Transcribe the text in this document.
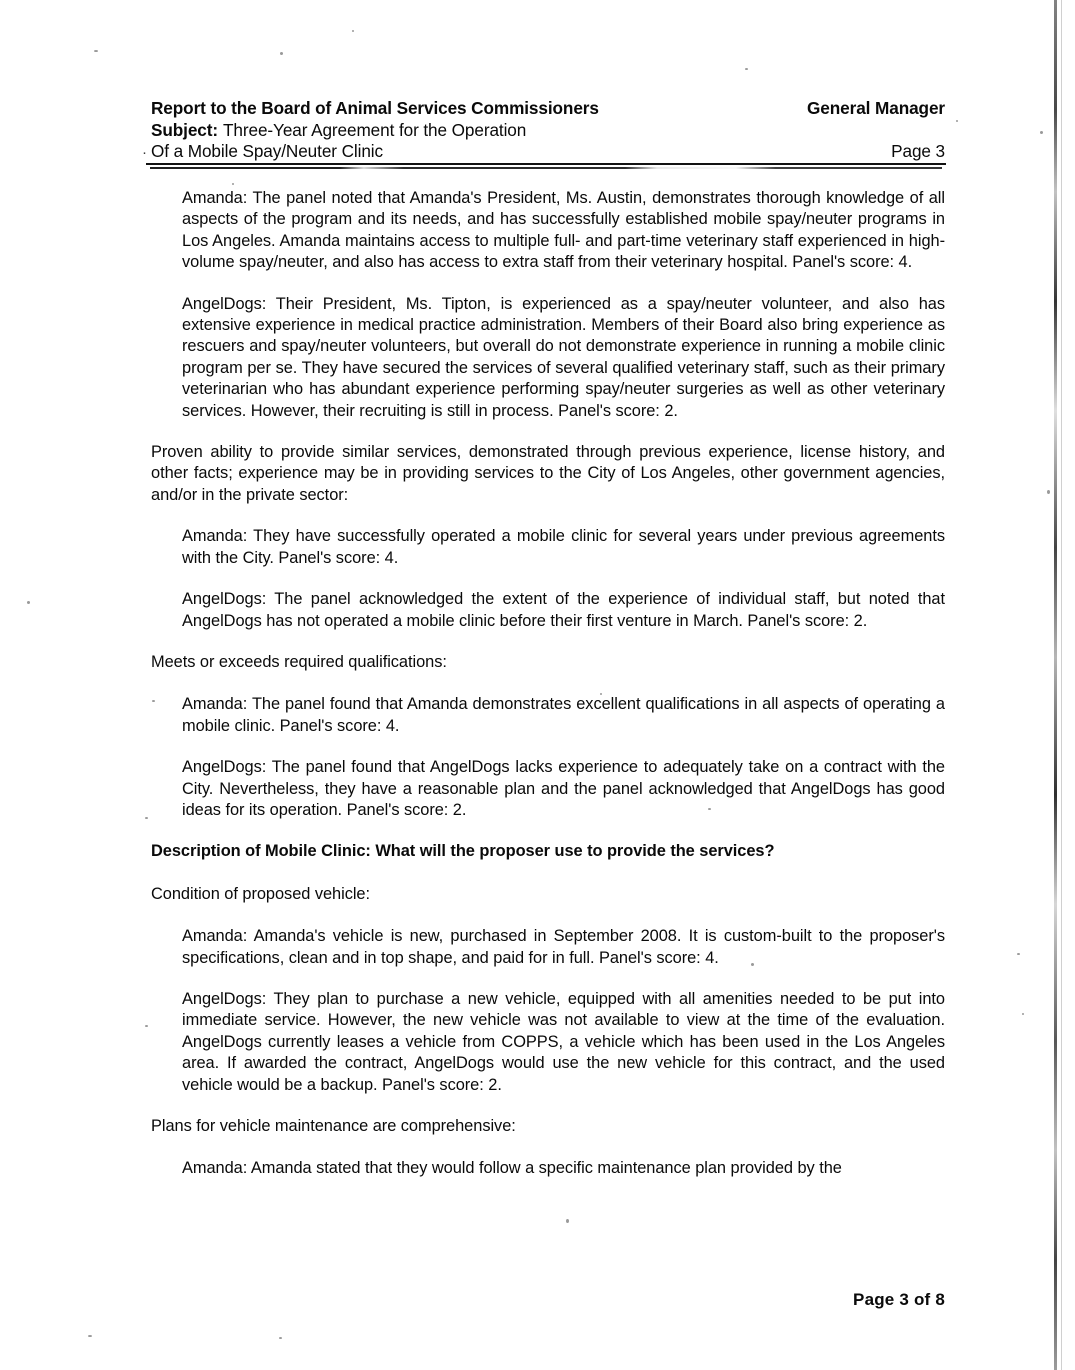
·
Report to the Board of Animal Services Commissioners	General Manager
Subject: Three-Year Agreement for the Operation
Of a Mobile Spay/Neuter Clinic	Page 3

Amanda: The panel noted that Amanda's President, Ms. Austin, demonstrates thorough knowledge of all aspects of the program and its needs, and has successfully established mobile spay/neuter programs in Los Angeles. Amanda maintains access to multiple full- and part-time veterinary staff experienced in high-volume spay/neuter, and also has access to extra staff from their veterinary hospital. Panel's score: 4.

AngelDogs: Their President, Ms. Tipton, is experienced as a spay/neuter volunteer, and also has extensive experience in medical practice administration. Members of their Board also bring experience as rescuers and spay/neuter volunteers, but overall do not demonstrate experience in running a mobile clinic program per se. They have secured the services of several qualified veterinary staff, such as their primary veterinarian who has abundant experience performing spay/neuter surgeries as well as other veterinary services. However, their recruiting is still in process. Panel's score: 2.

Proven ability to provide similar services, demonstrated through previous experience, license history, and other facts; experience may be in providing services to the City of Los Angeles, other government agencies, and/or in the private sector:

Amanda: They have successfully operated a mobile clinic for several years under previous agreements with the City. Panel's score: 4.

AngelDogs: The panel acknowledged the extent of the experience of individual staff, but noted that AngelDogs has not operated a mobile clinic before their first venture in March. Panel's score: 2.

Meets or exceeds required qualifications:

Amanda: The panel found that Amanda demonstrates excellent qualifications in all aspects of operating a mobile clinic. Panel's score: 4.

AngelDogs: The panel found that AngelDogs lacks experience to adequately take on a contract with the City. Nevertheless, they have a reasonable plan and the panel acknowledged that AngelDogs has good ideas for its operation. Panel's score: 2.

Description of Mobile Clinic: What will the proposer use to provide the services?

Condition of proposed vehicle:

Amanda: Amanda's vehicle is new, purchased in September 2008. It is custom-built to the proposer's specifications, clean and in top shape, and paid for in full. Panel's score: 4.

AngelDogs: They plan to purchase a new vehicle, equipped with all amenities needed to be put into immediate service. However, the new vehicle was not available to view at the time of the evaluation. AngelDogs currently leases a vehicle from COPPS, a vehicle which has been used in the Los Angeles area. If awarded the contract, AngelDogs would use the new vehicle for this contract, and the used vehicle would be a backup. Panel's score: 2.

Plans for vehicle maintenance are comprehensive:

Amanda: Amanda stated that they would follow a specific maintenance plan provided by the

Page 3 of 8
